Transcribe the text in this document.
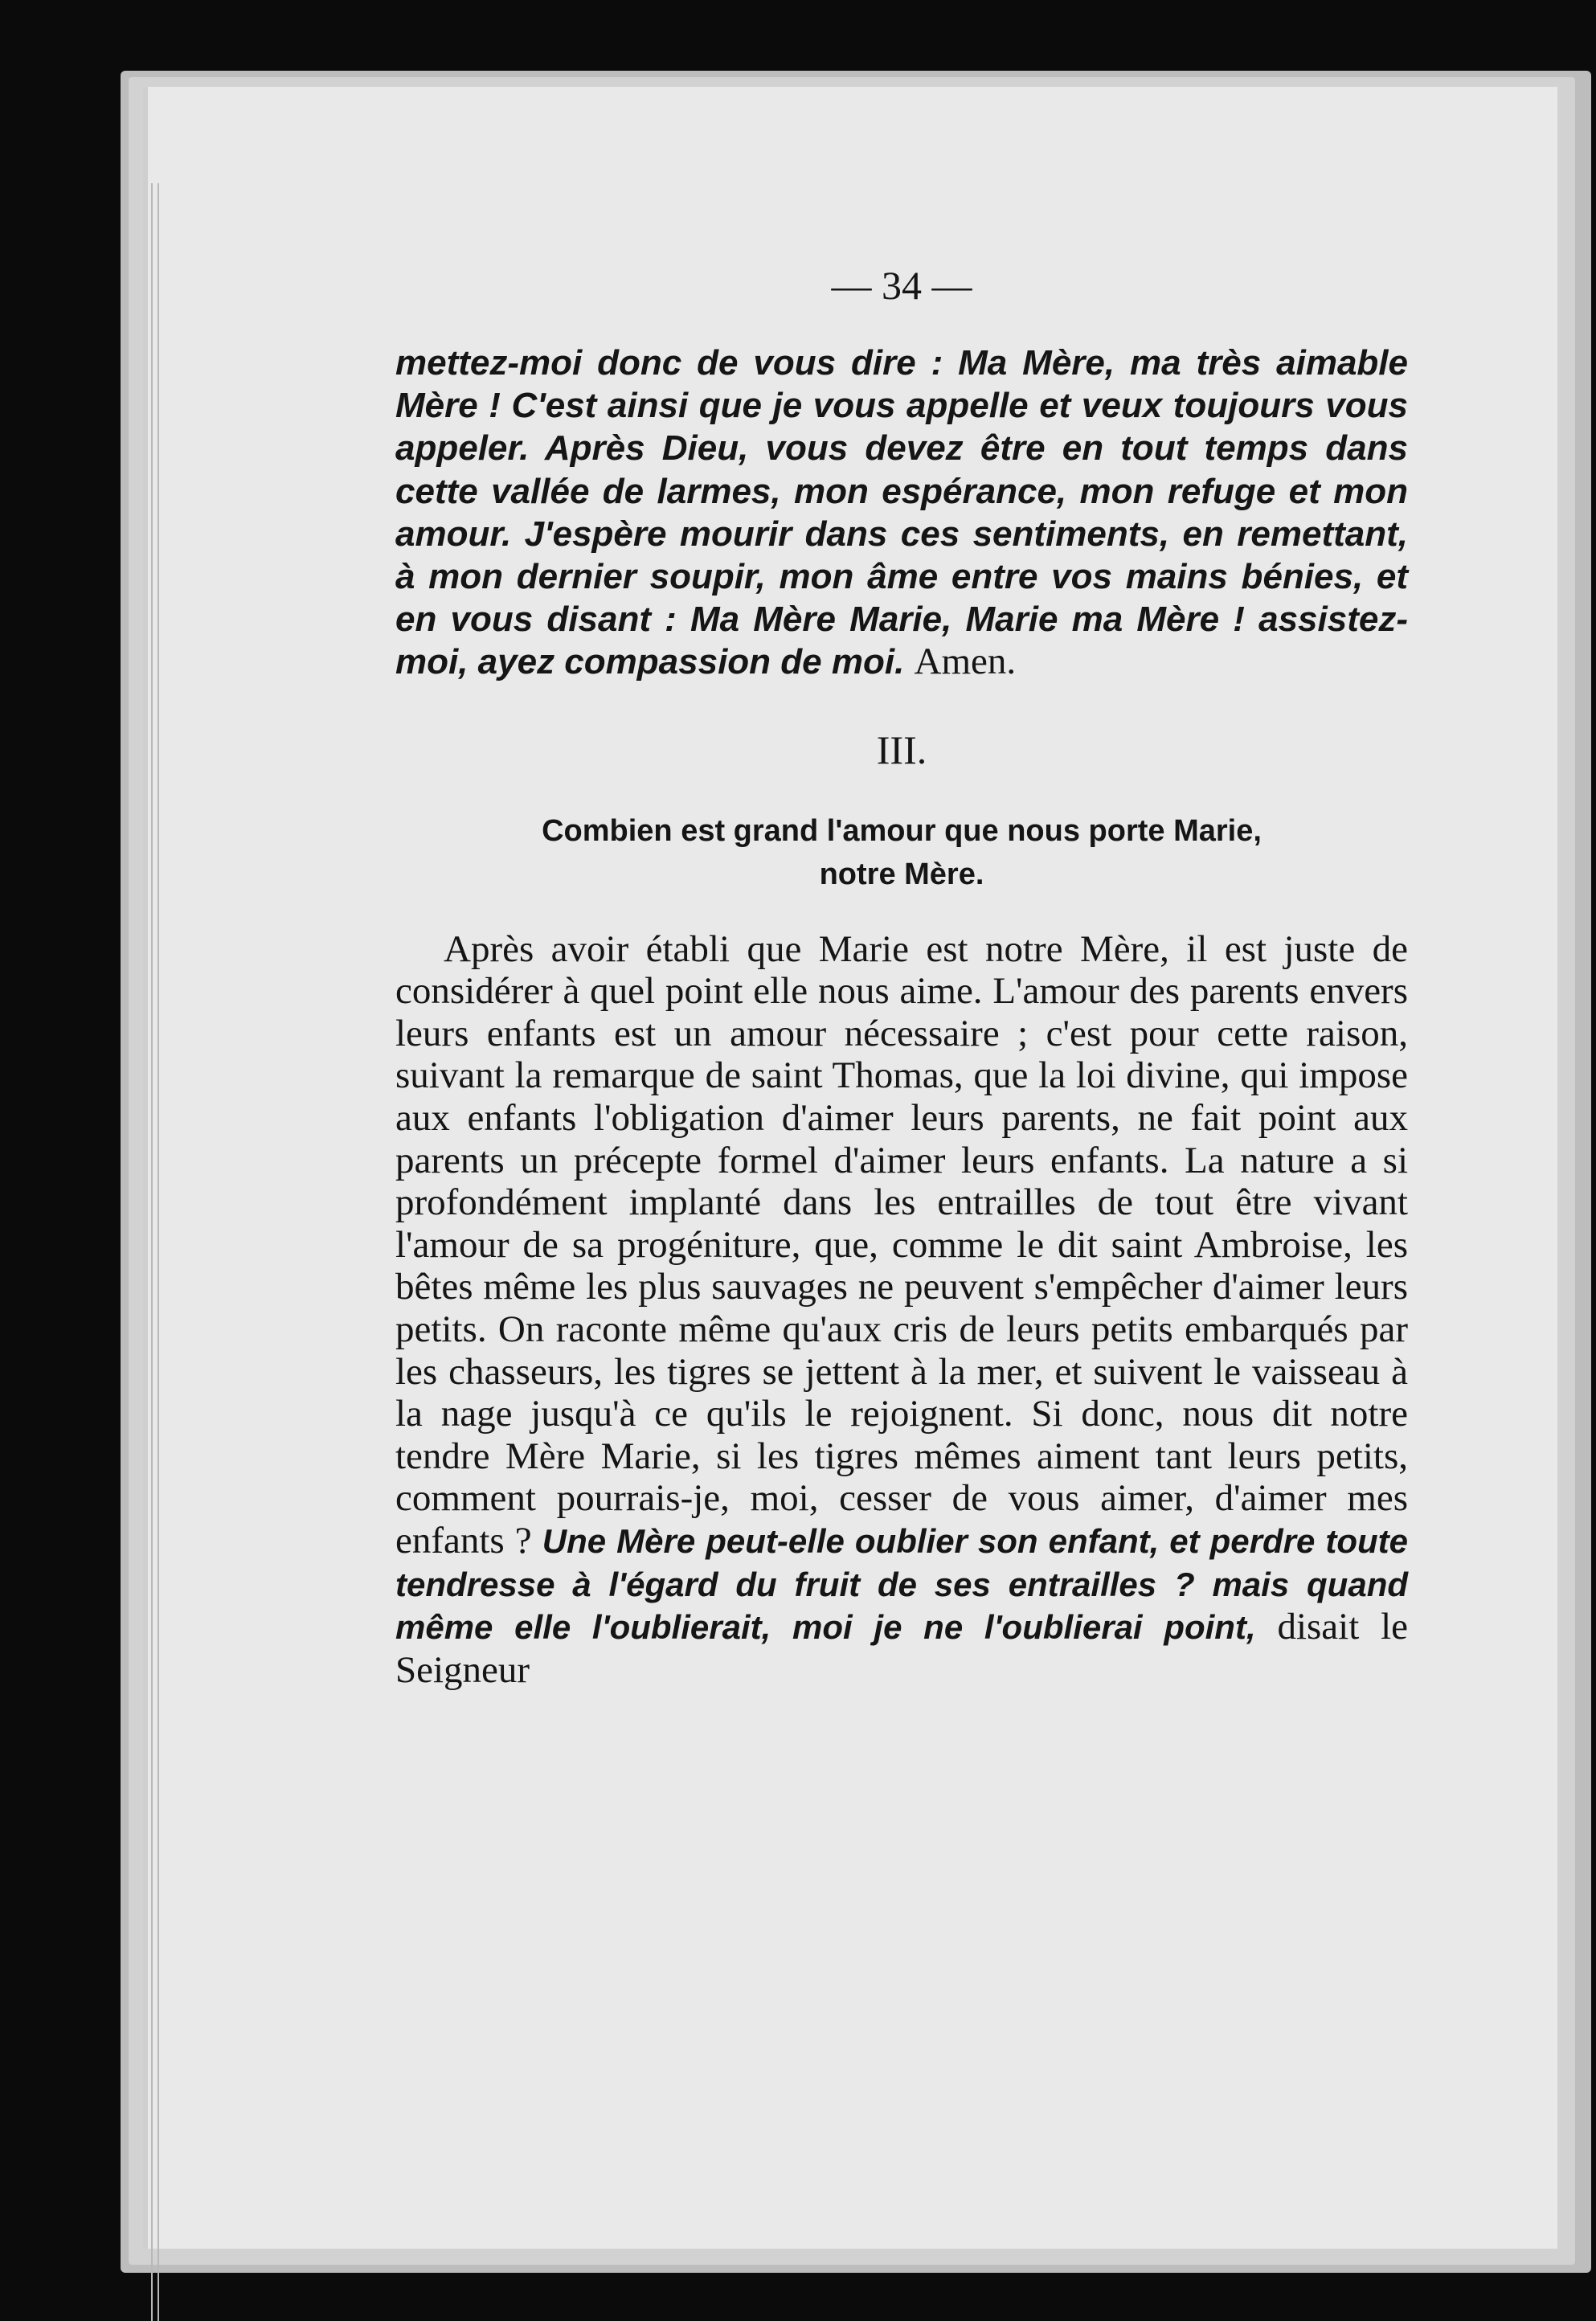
— 34 —

mettez-moi donc de vous dire : Ma Mère, ma très aimable Mère ! C'est ainsi que je vous appelle et veux toujours vous appeler. Après Dieu, vous devez être en tout temps dans cette vallée de larmes, mon espérance, mon refuge et mon amour. J'espère mourir dans ces sentiments, en remettant, à mon dernier soupir, mon âme entre vos mains bénies, et en vous disant : Ma Mère Marie, Marie ma Mère ! assistez-moi, ayez compassion de moi. Amen.

III.
Combien est grand l'amour que nous porte Marie,
notre Mère.

Après avoir établi que Marie est notre Mère, il est juste de considérer à quel point elle nous aime. L'amour des parents envers leurs enfants est un amour nécessaire ; c'est pour cette raison, suivant la remarque de saint Thomas, que la loi divine, qui impose aux enfants l'obligation d'aimer leurs parents, ne fait point aux parents un précepte formel d'aimer leurs enfants. La nature a si profondément implanté dans les entrailles de tout être vivant l'amour de sa progéniture, que, comme le dit saint Ambroise, les bêtes même les plus sauvages ne peuvent s'empêcher d'aimer leurs petits. On raconte même qu'aux cris de leurs petits embarqués par les chasseurs, les tigres se jettent à la mer, et suivent le vaisseau à la nage jusqu'à ce qu'ils le rejoignent. Si donc, nous dit notre tendre Mère Marie, si les tigres mêmes aiment tant leurs petits, comment pourrais-je, moi, cesser de vous aimer, d'aimer mes enfants ? Une Mère peut-elle oublier son enfant, et perdre toute tendresse à l'égard du fruit de ses entrailles ? mais quand même elle l'oublierait, moi je ne l'oublierai point, disait le Seigneur
